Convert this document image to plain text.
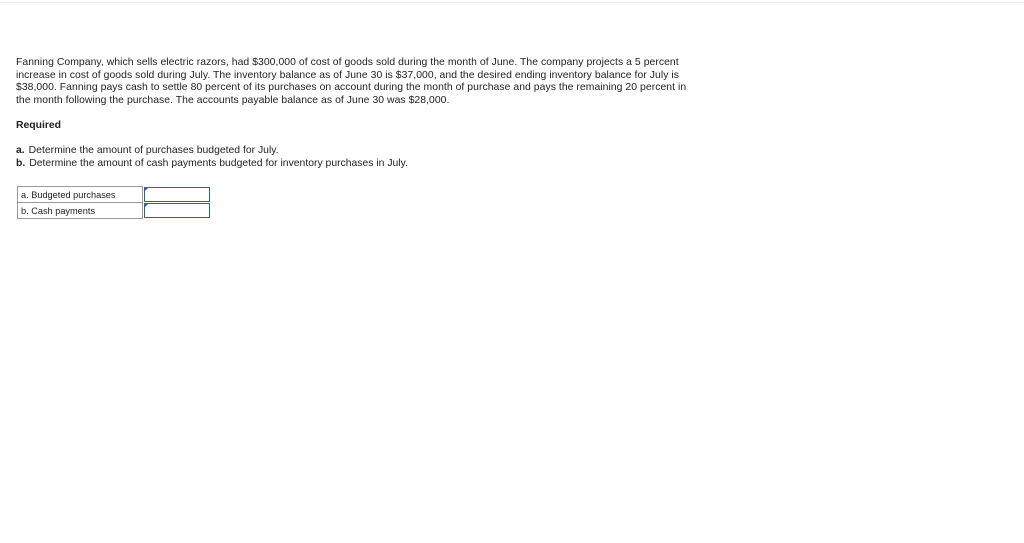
Fanning Company, which sells electric razors, had $300,000 of cost of goods sold during the month of June. The company projects a 5 percent increase in cost of goods sold during July. The inventory balance as of June 30 is $37,000, and the desired ending inventory balance for July is $38,000. Fanning pays cash to settle 80 percent of its purchases on account during the month of purchase and pays the remaining 20 percent in the month following the purchase. The accounts payable balance as of June 30 was $28,000.

Required
a. Determine the amount of purchases budgeted for July.
b. Determine the amount of cash payments budgeted for inventory purchases in July.
a. Budgeted purchases	

b. Cash payments	
